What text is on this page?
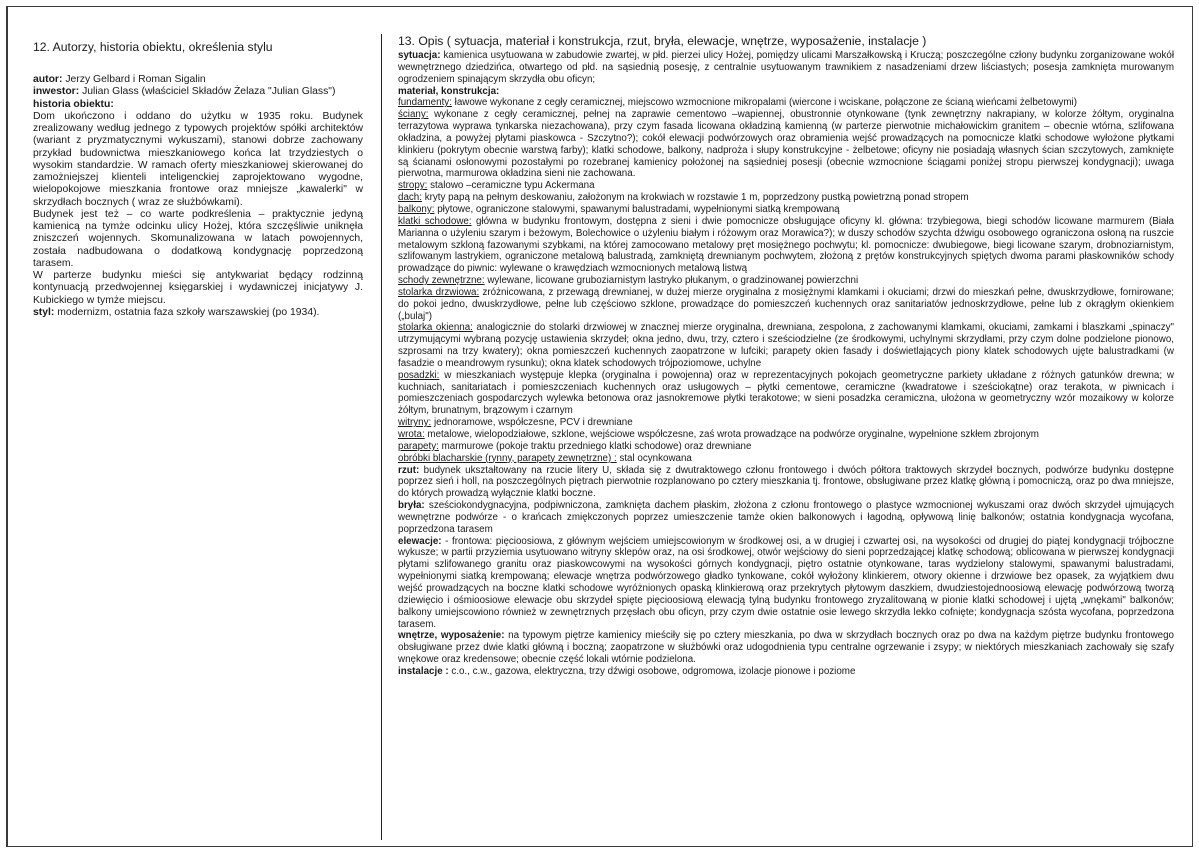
12. Autorzy, historia obiektu, określenia stylu

autor: Jerzy Gelbard i Roman Sigalin

inwestor: Julian Glass (właściciel Składów Żelaza "Julian Glass")

historia obiektu:

Dom ukończono i oddano do użytku w 1935 roku. Budynek zrealizowany według jednego z typowych projektów spółki architektów (wariant z pryzmatycznymi wykuszami), stanowi dobrze zachowany przykład budownictwa mieszkaniowego końca lat trzydziestych o wysokim standardzie. W ramach oferty mieszkaniowej skierowanej do zamożniejszej klienteli inteligenckiej zaprojektowano wygodne, wielopokojowe mieszkania frontowe oraz mniejsze „kawalerki" w skrzydłach bocznych ( wraz ze służbówkami).

Budynek jest też – co warte podkreślenia – praktycznie jedyną kamienicą na tymże odcinku ulicy Hożej, która szczęśliwie uniknęła zniszczeń wojennych. Skomunalizowana w latach powojennych, została nadbudowana o dodatkową kondygnację poprzedzoną tarasem.

W parterze budynku mieści się antykwariat będący rodzinną kontynuacją przedwojennej księgarskiej i wydawniczej inicjatywy J. Kubickiego w tymże miejscu.

styl: modernizm, ostatnia faza szkoły warszawskiej (po 1934).

13. Opis ( sytuacja, materiał i konstrukcja, rzut, bryła, elewacje, wnętrze, wyposażenie, instalacje )

sytuacja: kamienica usytuowana w zabudowie zwartej, w płd. pierzei ulicy Hożej, pomiędzy ulicami Marszałkowską i Kruczą; poszczególne człony budynku zorganizowane wokół wewnętrznego dziedzińca, otwartego od płd. na sąsiednią posesję, z centralnie usytuowanym trawnikiem z nasadzeniami drzew liściastych; posesja zamknięta murowanym ogrodzeniem spinającym skrzydła obu oficyn;

materiał, konstrukcja:

fundamenty: ławowe wykonane z cegły ceramicznej, miejscowo wzmocnione mikropalami (wiercone i wciskane, połączone ze ścianą wieńcami żelbetowymi)

ściany: wykonane z cegły ceramicznej, pełnej na zaprawie cementowo –wapiennej, obustronnie otynkowane (tynk zewnętrzny nakrapiany, w kolorze żółtym, oryginalna terrazytowa wyprawa tynkarska niezachowana), przy czym fasada licowana okładziną kamienną (w parterze pierwotnie michałowickim granitem – obecnie wtórna, szlifowana okładzina, a powyżej płytami piaskowca - Szczytno?); cokół elewacji podwórzowych oraz obramienia wejść prowadzących na pomocnicze klatki schodowe wyłożone płytkami klinkieru (pokrytym obecnie warstwą farby); klatki schodowe, balkony, nadproża i słupy konstrukcyjne - żelbetowe; oficyny nie posiadają własnych ścian szczytowych, zamknięte są ścianami osłonowymi pozostałymi po rozebranej kamienicy położonej na sąsiedniej posesji (obecnie wzmocnione ściągami poniżej stropu pierwszej kondygnacji); uwaga pierwotna, marmurowa okładzina sieni nie zachowana.

stropy: stalowo –ceramiczne typu Ackermana

dach: kryty papą na pełnym deskowaniu, założonym na krokwiach w rozstawie 1 m, poprzedzony pustką powietrzną ponad stropem

balkony: płytowe, ograniczone stalowymi, spawanymi balustradami, wypełnionymi siatką krempowaną

klatki schodowe: główna w budynku frontowym, dostępna z sieni i dwie pomocnicze obsługujące oficyny kl. główna: trzybiegowa, biegi schodów licowane marmurem (Biała Marianna o użyleniu szarym i beżowym, Bolechowice o użyleniu białym i różowym oraz Morawica?); w duszy schodów szychta dźwigu osobowego ograniczona osłoną na ruszcie metalowym szkloną fazowanymi szybkami, na której zamocowano metalowy pręt mosiężnego pochwytu; kl. pomocnicze: dwubiegowe, biegi licowane szarym, drobnoziarnistym, szlifowanym lastrykiem, ograniczone metalową balustradą, zamkniętą drewnianym pochwytem, złożoną z prętów konstrukcyjnych spiętych dwoma parami płaskowników schody prowadzące do piwnic: wylewane o krawędziach wzmocnionych metalową listwą

schody zewnętrzne: wylewane, licowane gruboziarnistym lastryko płukanym, o gradzinowanej powierzchni

stolarka drzwiowa: zróżnicowana, z przewagą drewnianej, w dużej mierze oryginalna z mosiężnymi klamkami i okuciami; drzwi do mieszkań pełne, dwuskrzydłowe, fornirowane; do pokoi jedno, dwuskrzydłowe, pełne lub częściowo szklone, prowadzące do pomieszczeń kuchennych oraz sanitariatów jednoskrzydłowe, pełne lub z okrągłym okienkiem („bulaj")

stolarka okienna: analogicznie do stolarki drzwiowej w znacznej mierze oryginalna, drewniana, zespolona, z zachowanymi klamkami, okuciami, zamkami i blaszkami „spinaczy" utrzymującymi wybraną pozycję ustawienia skrzydeł; okna jedno, dwu, trzy, cztero i sześciodzielne (ze środkowymi, uchylnymi skrzydłami, przy czym dolne podzielone pionowo, szprosami na trzy kwatery); okna pomieszczeń kuchennych zaopatrzone w lufciki; parapety okien fasady i doświetlających piony klatek schodowych ujęte balustradkami (w fasadzie o meandrowym rysunku); okna klatek schodowych trójpoziomowe, uchylne

posadzki: w mieszkaniach występuje klepka (oryginalna i powojenna) oraz w reprezentacyjnych pokojach geometryczne parkiety układane z różnych gatunków drewna; w kuchniach, sanitariatach i pomieszczeniach kuchennych oraz usługowych – płytki cementowe, ceramiczne (kwadratowe i sześciokątne) oraz terakota, w piwnicach i pomieszczeniach gospodarczych wylewka betonowa oraz jasnokremowe płytki terakotowe; w sieni posadzka ceramiczna, ułożona w geometryczny wzór mozaikowy w kolorze żółtym, brunatnym, brązowym i czarnym

witryny: jednoramowe, współczesne, PCV i drewniane

wrota: metalowe, wielopodziałowe, szklone, wejściowe współczesne, zaś wrota prowadzące na podwórze oryginalne, wypełnione szkłem zbrojonym

parapety: marmurowe (pokoje traktu przedniego klatki schodowe) oraz drewniane

obróbki blacharskie (rynny, parapety zewnętrzne) : stal ocynkowana

rzut: budynek ukształtowany na rzucie litery U, składa się z dwutraktowego członu frontowego i dwóch półtora traktowych skrzydeł bocznych, podwórze budynku dostępne poprzez sień i holl, na poszczególnych piętrach pierwotnie rozplanowano po cztery mieszkania tj. frontowe, obsługiwane przez klatkę główną i pomocniczą, oraz po dwa mniejsze, do których prowadzą wyłącznie klatki boczne.

bryła: sześciokondygnacyjna, podpiwniczona, zamknięta dachem płaskim, złożona z członu frontowego o plastyce wzmocnionej wykuszami oraz dwóch skrzydeł ujmujących wewnętrzne podwórze - o krańcach zmiękczonych poprzez umieszczenie tamże okien balkonowych i łagodną, opływową linię balkonów; ostatnia kondygnacja wycofana, poprzedzona tarasem

elewacje: - frontowa: pięcioosiowa, z głównym wejściem umiejscowionym w środkowej osi, a w drugiej i czwartej osi, na wysokości od drugiej do piątej kondygnacji trójboczne wykusze; w partii przyziemia usytuowano witryny sklepów oraz, na osi środkowej, otwór wejściowy do sieni poprzedzającej klatkę schodową; oblicowana w pierwszej kondygnacji płytami szlifowanego granitu oraz piaskowcowymi na wysokości górnych kondygnacji, piętro ostatnie otynkowane, taras wydzielony stalowymi, spawanymi balustradami, wypełnionymi siatką krempowaną; elewacje wnętrza podwórzowego gładko tynkowane, cokół wyłożony klinkierem, otwory okienne i drzwiowe bez opasek, za wyjątkiem dwu wejść prowadzących na boczne klatki schodowe wyróżnionych opaską klinkierową oraz przekrytych płytowym daszkiem, dwudziestojednoosiową elewację podwórzową tworzą dziewięcio i ośmioosiowe elewacje obu skrzydeł spięte pięcioosiową elewacją tylną budynku frontowego zryzalitowaną w pionie klatki schodowej i ujętą „wnękami" balkonów; balkony umiejscowiono również w zewnętrznych przęsłach obu oficyn, przy czym dwie ostatnie osie lewego skrzydła lekko cofnięte; kondygnacja szósta wycofana, poprzedzona tarasem.

wnętrze, wyposażenie: na typowym piętrze kamienicy mieściły się po cztery mieszkania, po dwa w skrzydłach bocznych oraz po dwa na każdym piętrze budynku frontowego obsługiwane przez dwie klatki główną i boczną; zaopatrzone w służbówki oraz udogodnienia typu centralne ogrzewanie i zsypy; w niektórych mieszkaniach zachowały się szafy wnękowe oraz kredensowe; obecnie część lokali wtórnie podzielona.

instalacje : c.o., c.w., gazowa, elektryczna, trzy dźwigi osobowe, odgromowa, izolacje pionowe i poziome
